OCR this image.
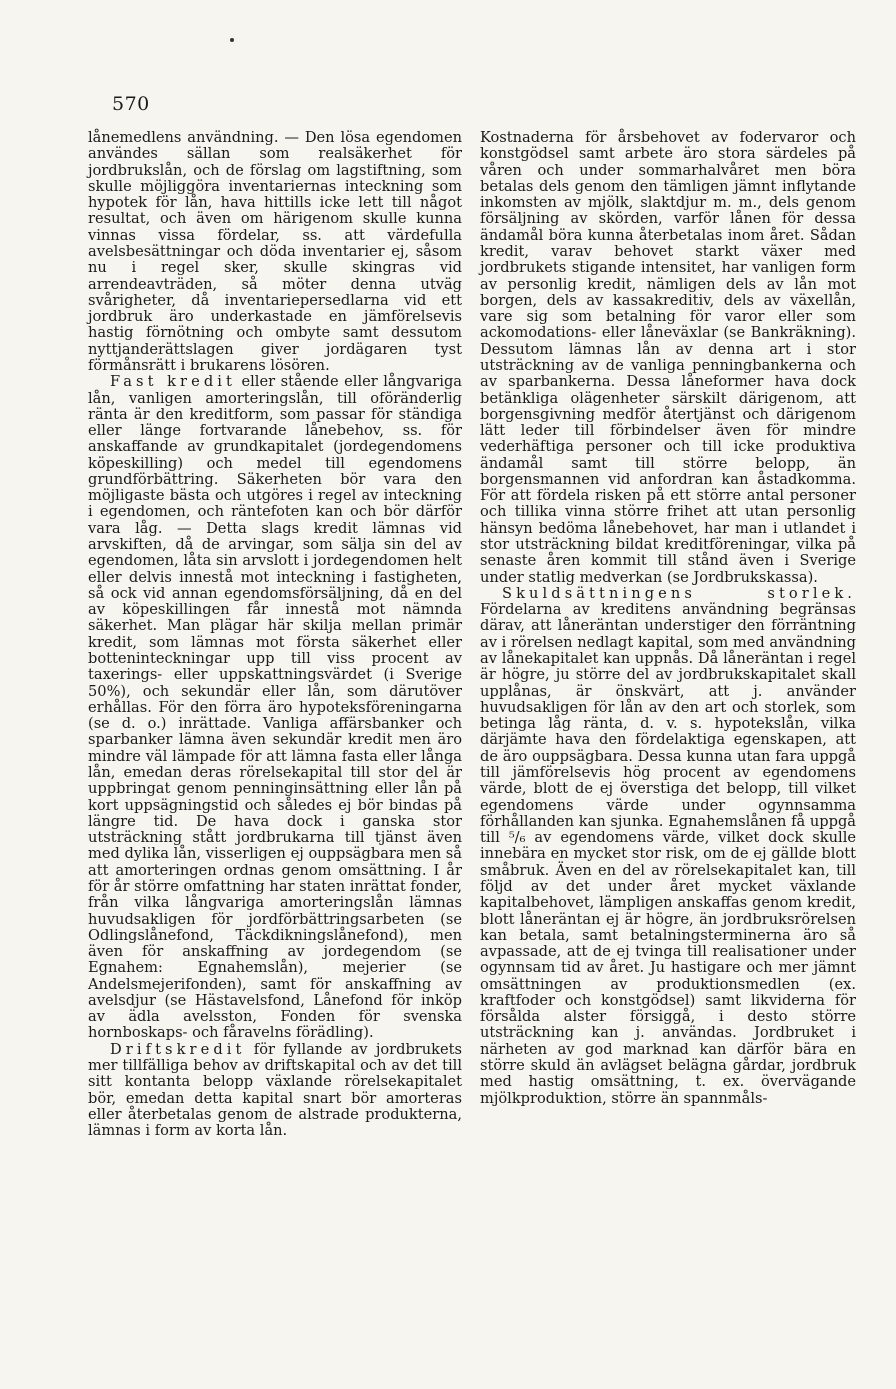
570

lånemedlens användning. — Den lösa egendomen användes sällan som realsäkerhet för jordbrukslån, och de förslag om lagstiftning, som skulle möjliggöra inventariernas inteckning som hypotek för lån, hava hittills icke lett till något resultat, och även om härigenom skulle kunna vinnas vissa fördelar, ss. att värdefulla avelsbesättningar och döda inventarier ej, såsom nu i regel sker, skulle skingras vid arrendeavträden, så möter denna utväg svårigheter, då inventariepersedlarna vid ett jordbruk äro underkastade en jämförelsevis hastig förnötning och ombyte samt dessutom nyttjanderättslagen giver jordägaren tyst förmånsrätt i brukarens lösören.

Fast kredit eller stående eller långvariga lån, vanligen amorteringslån, till oföränderlig ränta är den kreditform, som passar för ständiga eller länge fortvarande lånebehov, ss. för anskaffande av grundkapitalet (jordegendomens köpeskilling) och medel till egendomens grundförbättring. Säkerheten bör vara den möjligaste bästa och utgöres i regel av inteckning i egendomen, och räntefoten kan och bör därför vara låg. — Detta slags kredit lämnas vid arvskiften, då de arvingar, som sälja sin del av egendomen, låta sin arvslott i jordegendomen helt eller delvis innestå mot inteckning i fastigheten, så ock vid annan egendomsförsäljning, då en del av köpeskillingen får innestå mot nämnda säkerhet. Man plägar här skilja mellan primär kredit, som lämnas mot första säkerhet eller botteninteckningar upp till viss procent av taxerings- eller uppskattningsvärdet (i Sverige 50%), och sekundär eller lån, som därutöver erhållas. För den förra äro hypoteksföreningarna (se d. o.) inrättade. Vanliga affärsbanker och sparbanker lämna även sekundär kredit men äro mindre väl lämpade för att lämna fasta eller långa lån, emedan deras rörelsekapital till stor del är uppbringat genom penninginsättning eller lån på kort uppsägningstid och således ej bör bindas på längre tid. De hava dock i ganska stor utsträckning stått jordbrukarna till tjänst även med dylika lån, visserligen ej ouppsägbara men så att amorteringen ordnas genom omsättning. I år för år större omfattning har staten inrättat fonder, från vilka långvariga amorteringslån lämnas huvudsakligen för jordförbättringsarbeten (se Odlingslånefond, Täckdikningslånefond), men även för anskaffning av jordegendom (se Egnahem: Egnahemslån), mejerier (se Andelsmejerifonden), samt för anskaffning av avelsdjur (se Hästavelsfond, Lånefond för inköp av ädla avelsston, Fonden för svenska hornboskaps- och fåravelns förädling).

Driftskredit för fyllande av jordbrukets mer tillfälliga behov av driftskapital och av det till sitt kontanta belopp växlande rörelsekapitalet bör, emedan detta kapital snart bör amorteras eller återbetalas genom de alstrade produkterna, lämnas i form av korta lån.

Kostnaderna för årsbehovet av fodervaror och konstgödsel samt arbete äro stora särdeles på våren och under sommarhalvåret men böra betalas dels genom den tämligen jämnt inflytande inkomsten av mjölk, slaktdjur m. m., dels genom försäljning av skörden, varför lånen för dessa ändamål böra kunna återbetalas inom året. Sådan kredit, varav behovet starkt växer med jordbrukets stigande intensitet, har vanligen form av personlig kredit, nämligen dels av lån mot borgen, dels av kassakreditiv, dels av växellån, vare sig som betalning för varor eller som ackomodations- eller låneväxlar (se Bankräkning). Dessutom lämnas lån av denna art i stor utsträckning av de vanliga penningbankerna och av sparbankerna. Dessa låneformer hava dock betänkliga olägenheter särskilt därigenom, att borgensgivning medför återtjänst och därigenom lätt leder till förbindelser även för mindre vederhäftiga personer och till icke produktiva ändamål samt till större belopp, än borgensmannen vid anfordran kan åstadkomma. För att fördela risken på ett större antal personer och tillika vinna större frihet att utan personlig hänsyn bedöma lånebehovet, har man i utlandet i stor utsträckning bildat kreditföreningar, vilka på senaste åren kommit till stånd även i Sverige under statlig medverkan (se Jordbrukskassa).

Skuldsättningens storlek. Fördelarna av kreditens användning begränsas därav, att låneräntan understiger den förräntning av i rörelsen nedlagt kapital, som med användning av lånekapitalet kan uppnås. Då låneräntan i regel är högre, ju större del av jordbrukskapitalet skall upplånas, är önskvärt, att j. använder huvudsakligen för lån av den art och storlek, som betinga låg ränta, d. v. s. hypotekslån, vilka därjämte hava den fördelaktiga egenskapen, att de äro ouppsägbara. Dessa kunna utan fara uppgå till jämförelsevis hög procent av egendomens värde, blott de ej överstiga det belopp, till vilket egendomens värde under ogynnsamma förhållanden kan sjunka. Egnahemslånen få uppgå till ⁵/₆ av egendomens värde, vilket dock skulle innebära en mycket stor risk, om de ej gällde blott småbruk. Även en del av rörelsekapitalet kan, till följd av det under året mycket växlande kapitalbehovet, lämpligen anskaffas genom kredit, blott låneräntan ej är högre, än jordbruksrörelsen kan betala, samt betalningsterminerna äro så avpassade, att de ej tvinga till realisationer under ogynnsam tid av året. Ju hastigare och mer jämnt omsättningen av produktionsmedlen (ex. kraftfoder och konstgödsel) samt likviderna för försålda alster försiggå, i desto större utsträckning kan j. användas. Jordbruket i närheten av god marknad kan därför bära en större skuld än avlägset belägna gårdar, jordbruk med hastig omsättning, t. ex. övervägande mjölkproduktion, större än spannmåls-
